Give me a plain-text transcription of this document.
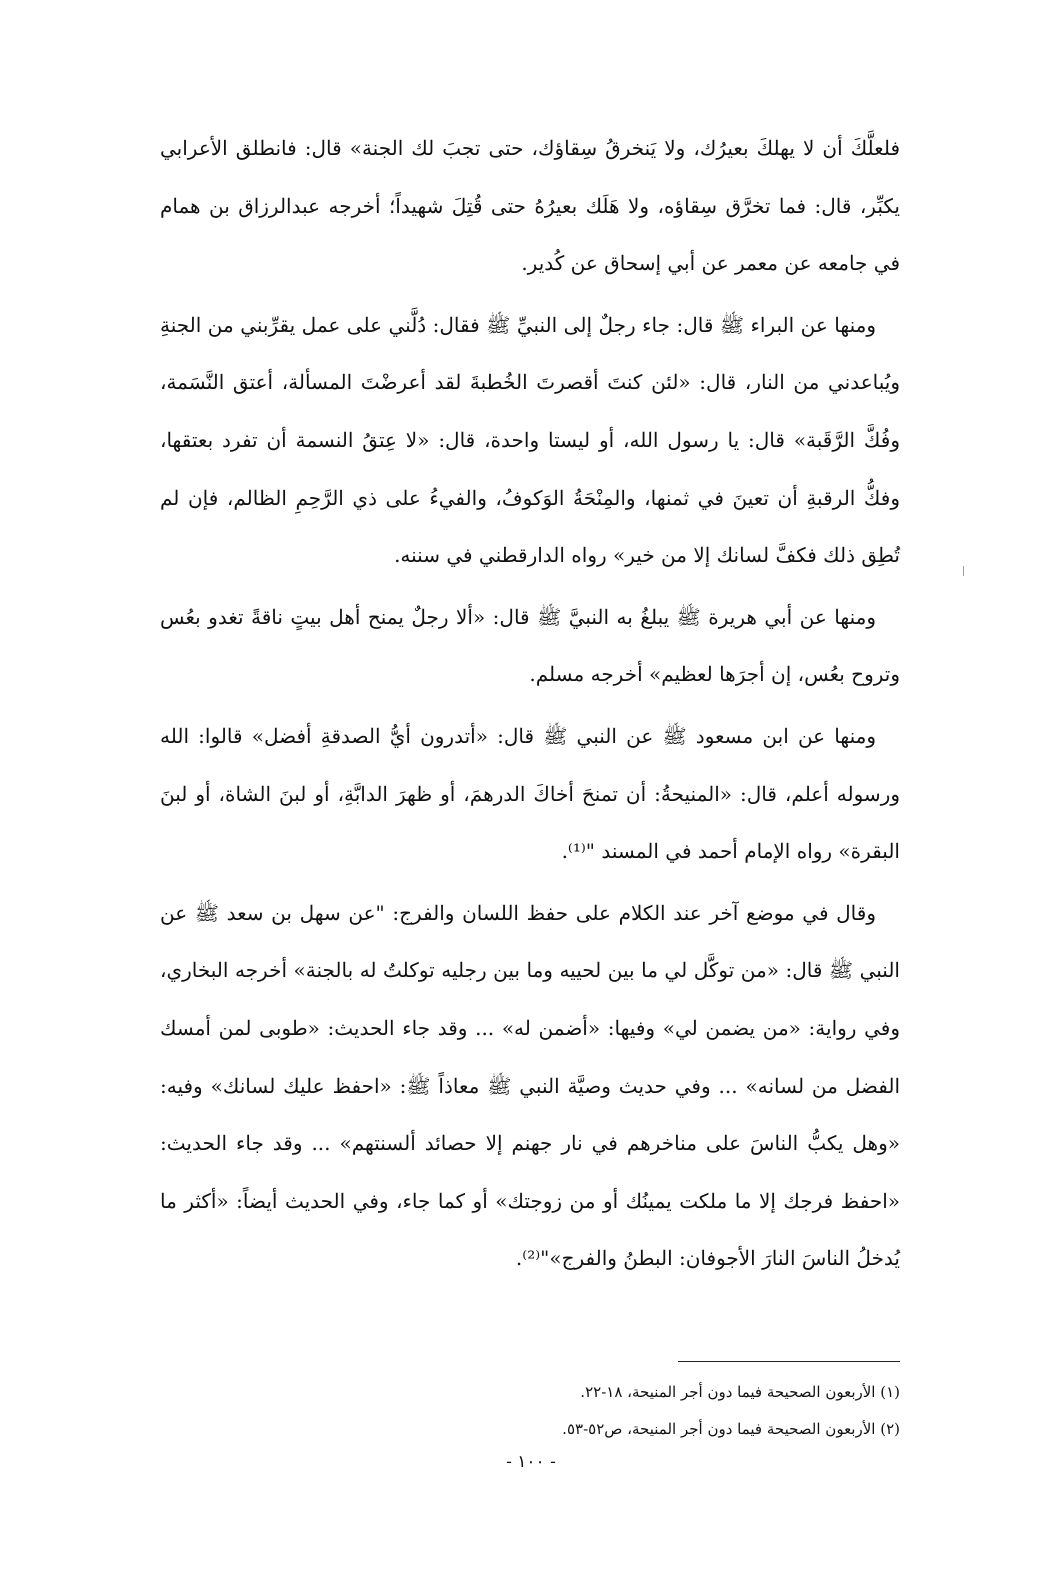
فلعلَّكَ أن لا يهلكَ بعيرُك، ولا يَنخرقُ سِقاؤك، حتى تجبَ لك الجنة» قال: فانطلق الأعرابي يكبِّر، قال: فما تخرَّق سِقاؤه، ولا هَلَك بعيرُهُ حتى قُتِلَ شهيداً؛ أخرجه عبدالرزاق بن همام في جامعه عن معمر عن أبي إسحاق عن كُدير.

ومنها عن البراء ﷺ قال: جاء رجلٌ إلى النبيِّ ﷺ فقال: دُلَّني على عمل يقرِّبني من الجنةِ ويُباعدني من النار، قال: «لئن كنتَ أقصرتَ الخُطبةَ لقد أعرضْتَ المسألة، أعتق النَّسَمة، وفُكَّ الرَّقَبة» قال: يا رسول الله، أو ليستا واحدة، قال: «لا عِتقُ النسمة أن تفرد بعتقها، وفكُّ الرقبةِ أن تعينَ في ثمنها، والمِنْحَةُ الوَكوفُ، والفيءُ على ذي الرَّحِمِ الظالم، فإن لم تُطِق ذلك فكفَّ لسانك إلا من خير» رواه الدارقطني في سننه.

ومنها عن أبي هريرة ﷺ يبلغُ به النبيَّ ﷺ قال: «ألا رجلٌ يمنح أهل بيتٍ ناقةً تغدو بعُس وتروح بعُس، إن أجرَها لعظيم» أخرجه مسلم.

ومنها عن ابن مسعود ﷺ عن النبي ﷺ قال: «أتدرون أيُّ الصدقةِ أفضل» قالوا: الله ورسوله أعلم، قال: «المنيحةُ: أن تمنحَ أخاكَ الدرهمَ، أو ظهرَ الدابَّةِ، أو لبنَ الشاة، أو لبنَ البقرة» رواه الإمام أحمد في المسند "⁽¹⁾.

وقال في موضع آخر عند الكلام على حفظ اللسان والفرج: "عن سهل بن سعد ﷺ عن النبي ﷺ قال: «من توكَّل لي ما بين لحييه وما بين رجليه توكلتُ له بالجنة» أخرجه البخاري، وفي رواية: «من يضمن لي» وفيها: «أضمن له» ... وقد جاء الحديث: «طوبى لمن أمسك الفضل من لسانه» ... وفي حديث وصيَّة النبي ﷺ معاذاً ﷺ: «احفظ عليك لسانك» وفيه: «وهل يكبُّ الناسَ على مناخرهم في نار جهنم إلا حصائد ألسنتهم» ... وقد جاء الحديث: «احفظ فرجك إلا ما ملكت يمينُك أو من زوجتك» أو كما جاء، وفي الحديث أيضاً: «أكثر ما يُدخلُ الناسَ النارَ الأجوفان: البطنُ والفرج»"⁽²⁾.

(١) الأربعون الصحيحة فيما دون أجر المنيحة، ١٨-٢٢.
(٢) الأربعون الصحيحة فيما دون أجر المنيحة، ص٥٢-٥٣.
- ١٠٠ -
